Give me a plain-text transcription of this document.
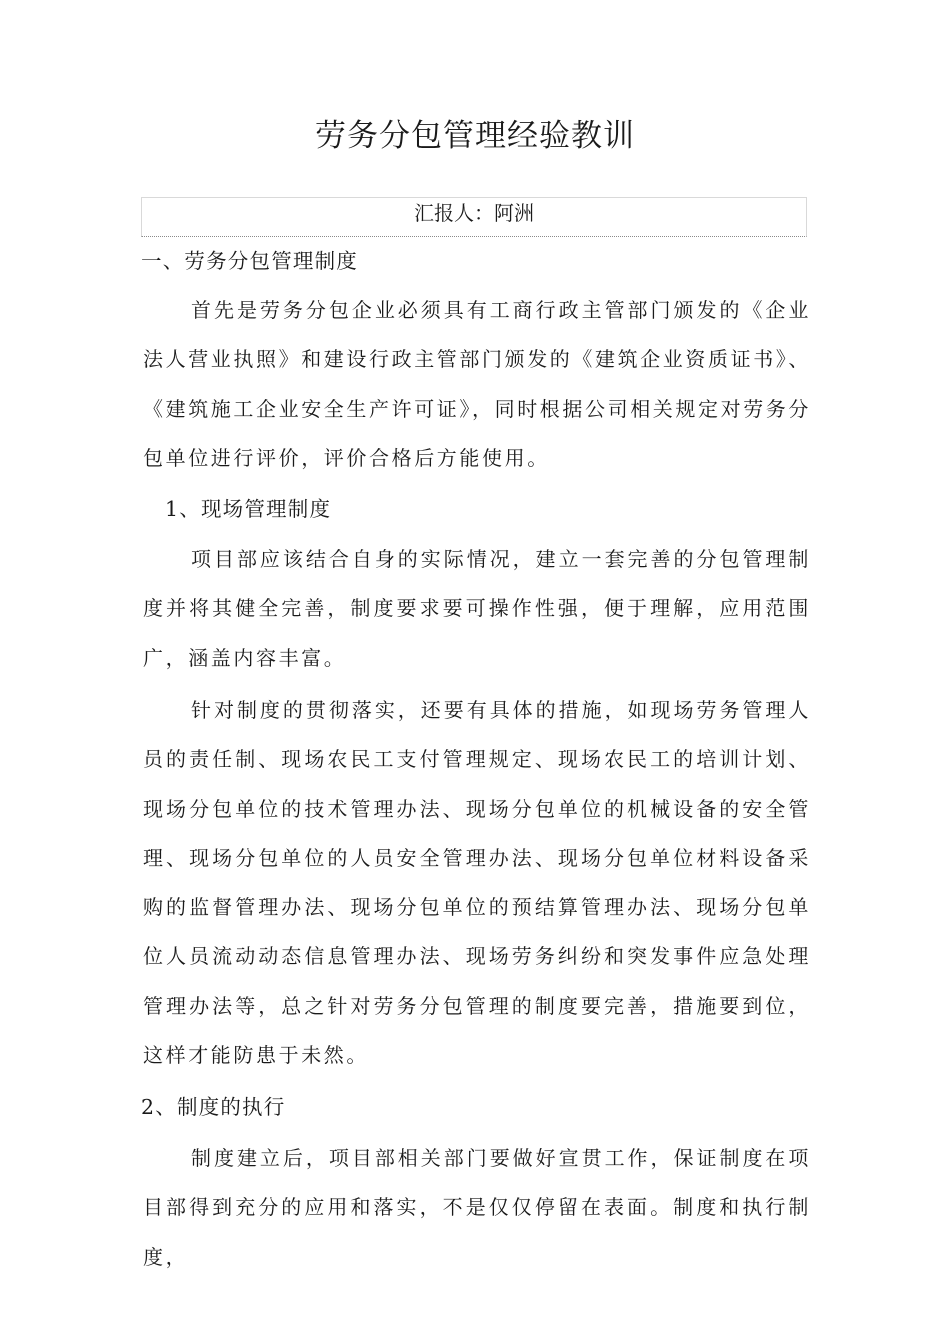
劳务分包管理经验教训
汇报人：阿洲
一、劳务分包管理制度

首先是劳务分包企业必须具有工商行政主管部门颁发的《企业法人营业执照》和建设行政主管部门颁发的《建筑企业资质证书》、《建筑施工企业安全生产许可证》，同时根据公司相关规定对劳务分包单位进行评价，评价合格后方能使用。

1、现场管理制度

项目部应该结合自身的实际情况，建立一套完善的分包管理制度并将其健全完善，制度要求要可操作性强，便于理解，应用范围广，涵盖内容丰富。

针对制度的贯彻落实，还要有具体的措施，如现场劳务管理人员的责任制、现场农民工支付管理规定、现场农民工的培训计划、现场分包单位的技术管理办法、现场分包单位的机械设备的安全管理、现场分包单位的人员安全管理办法、现场分包单位材料设备采购的监督管理办法、现场分包单位的预结算管理办法、现场分包单位人员流动动态信息管理办法、现场劳务纠纷和突发事件应急处理管理办法等，总之针对劳务分包管理的制度要完善，措施要到位，这样才能防患于未然。

2、制度的执行

制度建立后，项目部相关部门要做好宣贯工作，保证制度在项目部得到充分的应用和落实，不是仅仅停留在表面。制度和执行制度，
